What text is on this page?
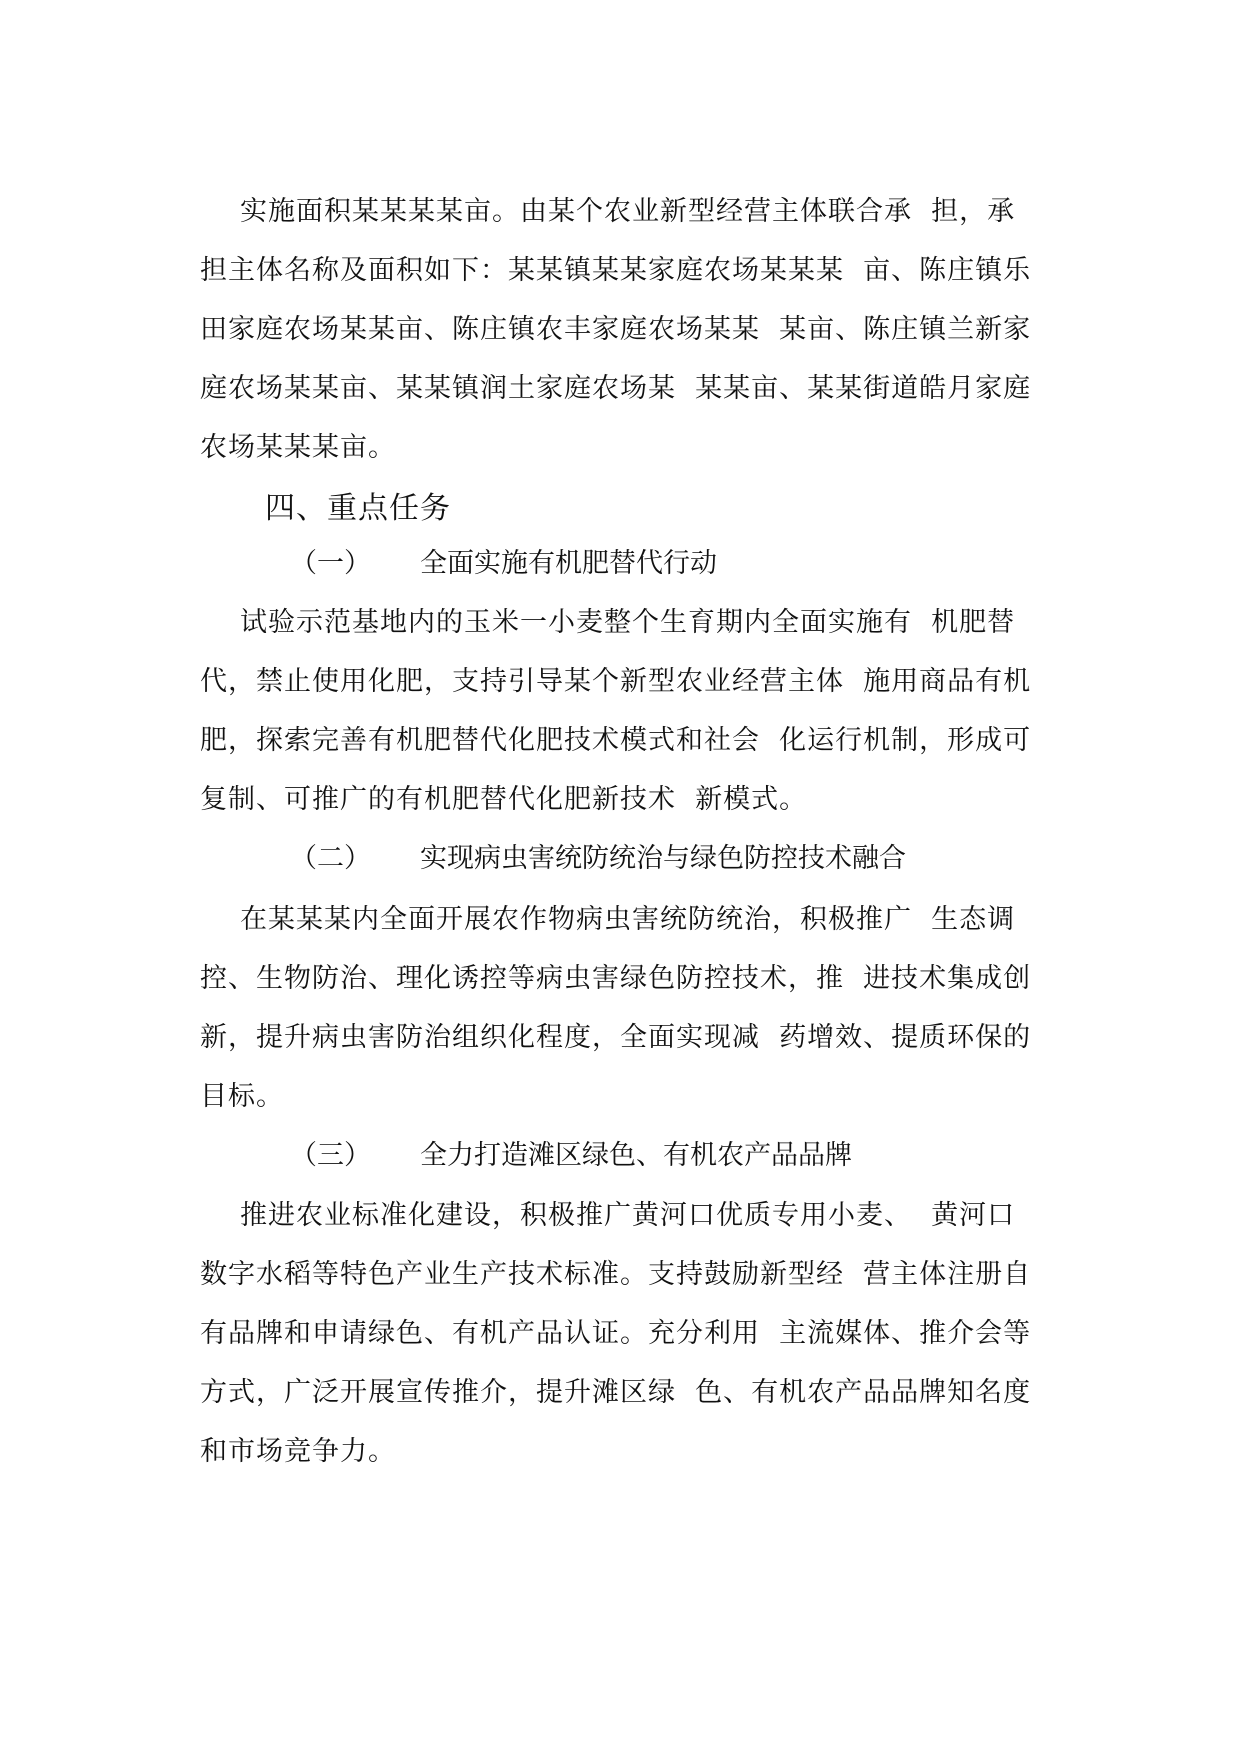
实施面积某某某某亩。由某个农业新型经营主体联合承  担，承
担主体名称及面积如下：某某镇某某家庭农场某某某  亩、陈庄镇乐
田家庭农场某某亩、陈庄镇农丰家庭农场某某  某亩、陈庄镇兰新家
庭农场某某亩、某某镇润土家庭农场某  某某亩、某某街道皓月家庭
农场某某某亩。
四、重点任务
（一） 全面实施有机肥替代行动
试验示范基地内的玉米一小麦整个生育期内全面实施有  机肥替
代，禁止使用化肥，支持引导某个新型农业经营主体  施用商品有机
肥，探索完善有机肥替代化肥技术模式和社会  化运行机制，形成可
复制、可推广的有机肥替代化肥新技术  新模式。
（二） 实现病虫害统防统治与绿色防控技术融合
在某某某内全面开展农作物病虫害统防统治，积极推广  生态调
控、生物防治、理化诱控等病虫害绿色防控技术，推  进技术集成创
新，提升病虫害防治组织化程度，全面实现减  药增效、提质环保的
目标。
（三） 全力打造滩区绿色、有机农产品品牌
推进农业标准化建设，积极推广黄河口优质专用小麦、  黄河口
数字水稻等特色产业生产技术标准。支持鼓励新型经  营主体注册自
有品牌和申请绿色、有机产品认证。充分利用  主流媒体、推介会等
方式，广泛开展宣传推介，提升滩区绿  色、有机农产品品牌知名度
和市场竞争力。
